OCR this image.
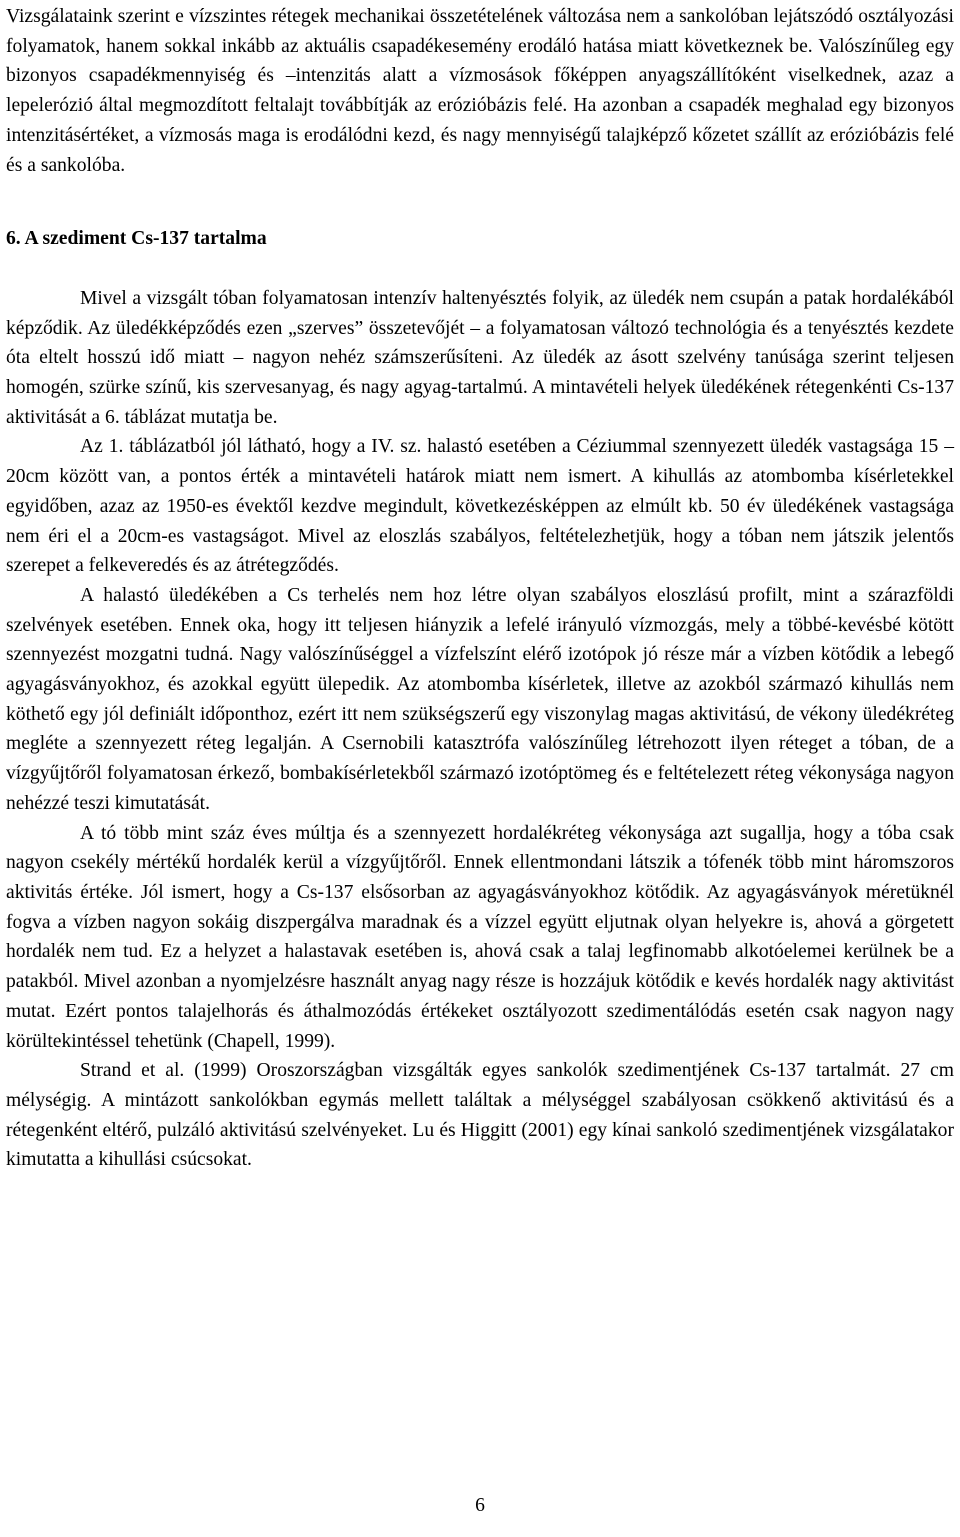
Vizsgálataink szerint e vízszintes rétegek mechanikai összetételének változása nem a sankolóban lejátszódó osztályozási folyamatok, hanem sokkal inkább az aktuális csapadékesemény erodáló hatása miatt következnek be. Valószínűleg egy bizonyos csapadékmennyiség és –intenzitás alatt a vízmosások főképpen anyagszállítóként viselkednek, azaz a lepelerózió által megmozdított feltalajt továbbítják az erózióbázis felé. Ha azonban a csapadék meghalad egy bizonyos intenzitásértéket, a vízmosás maga is erodálódni kezd, és nagy mennyiségű talajképző kőzetet szállít az erózióbázis felé és a sankolóba.

6. A szediment Cs-137 tartalma

Mivel a vizsgált tóban folyamatosan intenzív haltenyésztés folyik, az üledék nem csupán a patak hordalékából képződik. Az üledékképződés ezen „szerves” összetevőjét – a folyamatosan változó technológia és a tenyésztés kezdete óta eltelt hosszú idő miatt – nagyon nehéz számszerűsíteni. Az üledék az ásott szelvény tanúsága szerint teljesen homogén, szürke színű, kis szervesanyag, és nagy agyag-tartalmú. A mintavételi helyek üledékének rétegenkénti Cs-137 aktivitását a 6. táblázat mutatja be.

Az 1. táblázatból jól látható, hogy a IV. sz. halastó esetében a Céziummal szennyezett üledék vastagsága 15 – 20cm között van, a pontos érték a mintavételi határok miatt nem ismert. A kihullás az atombomba kísérletekkel egyidőben, azaz az 1950-es évektől kezdve megindult, következésképpen az elmúlt kb. 50 év üledékének vastagsága nem éri el a 20cm-es vastagságot. Mivel az eloszlás szabályos, feltételezhetjük, hogy a tóban nem játszik jelentős szerepet a felkeveredés és az átrétegződés.

A halastó üledékében a Cs terhelés nem hoz létre olyan szabályos eloszlású profilt, mint a szárazföldi szelvények esetében. Ennek oka, hogy itt teljesen hiányzik a lefelé irányuló vízmozgás, mely a többé-kevésbé kötött szennyezést mozgatni tudná. Nagy valószínűséggel a vízfelszínt elérő izotópok jó része már a vízben kötődik a lebegő agyagásványokhoz, és azokkal együtt ülepedik. Az atombomba kísérletek, illetve az azokból származó kihullás nem köthető egy jól definiált időponthoz, ezért itt nem szükségszerű egy viszonylag magas aktivitású, de vékony üledékréteg megléte a szennyezett réteg legalján. A Csernobili katasztrófa valószínűleg létrehozott ilyen réteget a tóban, de a vízgyűjtőről folyamatosan érkező, bombakísérletekből származó izotóptömeg és e feltételezett réteg vékonysága nagyon nehézzé teszi kimutatását.

A tó több mint száz éves múltja és a szennyezett hordalékréteg vékonysága azt sugallja, hogy a tóba csak nagyon csekély mértékű hordalék kerül a vízgyűjtőről. Ennek ellentmondani látszik a tófenék több mint háromszoros aktivitás értéke. Jól ismert, hogy a Cs-137 elsősorban az agyagásványokhoz kötődik. Az agyagásványok méretüknél fogva a vízben nagyon sokáig diszpergálva maradnak és a vízzel együtt eljutnak olyan helyekre is, ahová a görgetett hordalék nem tud. Ez a helyzet a halastavak esetében is, ahová csak a talaj legfinomabb alkotóelemei kerülnek be a patakból. Mivel azonban a nyomjelzésre használt anyag nagy része is hozzájuk kötődik e kevés hordalék nagy aktivitást mutat. Ezért pontos talajelhorás és áthalmozódás értékeket osztályozott szedimentálódás esetén csak nagyon nagy körültekintéssel tehetünk (Chapell, 1999).

Strand et al. (1999) Oroszországban vizsgálták egyes sankolók szedimentjének Cs-137 tartalmát. 27 cm mélységig. A mintázott sankolókban egymás mellett találtak a mélységgel szabályosan csökkenő aktivitású és a rétegenként eltérő, pulzáló aktivitású szelvényeket. Lu és Higgitt (2001) egy kínai sankoló szedimentjének vizsgálatakor kimutatta a kihullási csúcsokat.

6
